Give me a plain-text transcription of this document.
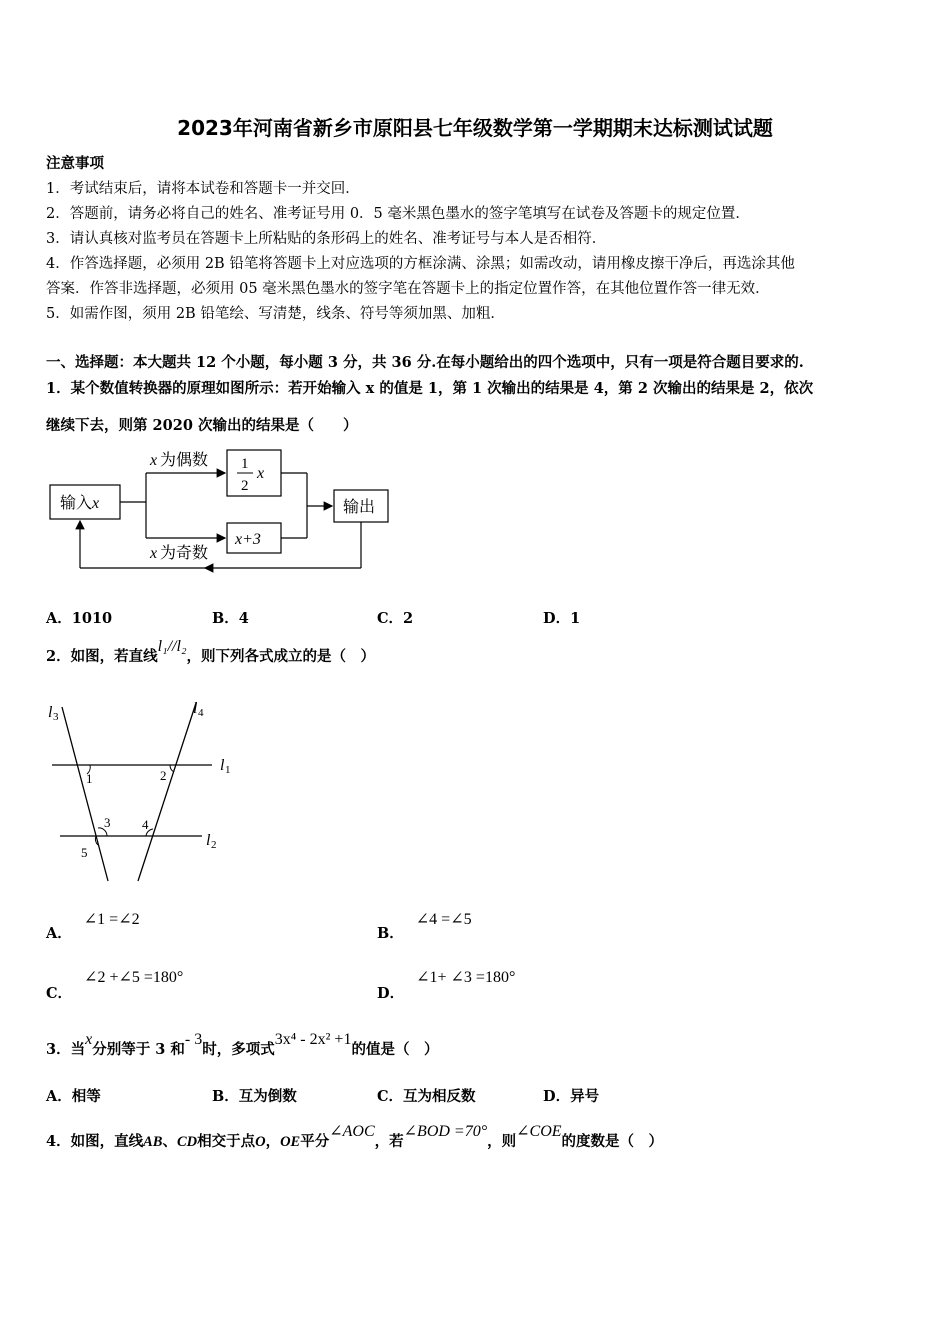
2023年河南省新乡市原阳县七年级数学第一学期期末达标测试试题
注意事项
1．考试结束后，请将本试卷和答题卡一并交回．
2．答题前，请务必将自己的姓名、准考证号用 0．5 毫米黑色墨水的签字笔填写在试卷及答题卡的规定位置．
3．请认真核对监考员在答题卡上所粘贴的条形码上的姓名、准考证号与本人是否相符．
4．作答选择题，必须用 2B 铅笔将答题卡上对应选项的方框涂满、涂黑；如需改动，请用橡皮擦干净后，再选涂其他
答案．作答非选择题，必须用 05 毫米黑色墨水的签字笔在答题卡上的指定位置作答，在其他位置作答一律无效．
5．如需作图，须用 2B 铅笔绘、写清楚，线条、符号等须加黑、加粗．
一、选择题：本大题共 12 个小题，每小题 3 分，共 36 分.在每小题给出的四个选项中，只有一项是符合题目要求的.
1．某个数值转换器的原理如图所示：若开始输入 x 的值是 1，第 1 次输出的结果是 4，第 2 次输出的结果是 2，依次
继续下去，则第 2020 次输出的结果是（　　）
输入 x
x 为偶数
x 为奇数
1
2
x
x+3
输出
A．1010	B．4	C．2	D．1
2．如图，若直线l₁//l₂，则下列各式成立的是（　）
l 3	l 4
l 1
l 2
1	2
3 4
5
A．∠1 =∠2
B．∠4 =∠5
C．∠2 +∠5 =180°
D．∠1+ ∠3 =180°
3．当x分别等于 3 和- 3时，多项式3x⁴ - 2x² +1的值是（　）
A．相等	B．互为倒数	C．互为相反数	D．异号
4．如图，直线AB、CD相交于点O，OE平分∠AOC，若∠BOD =70°，则∠COE的度数是（　）
